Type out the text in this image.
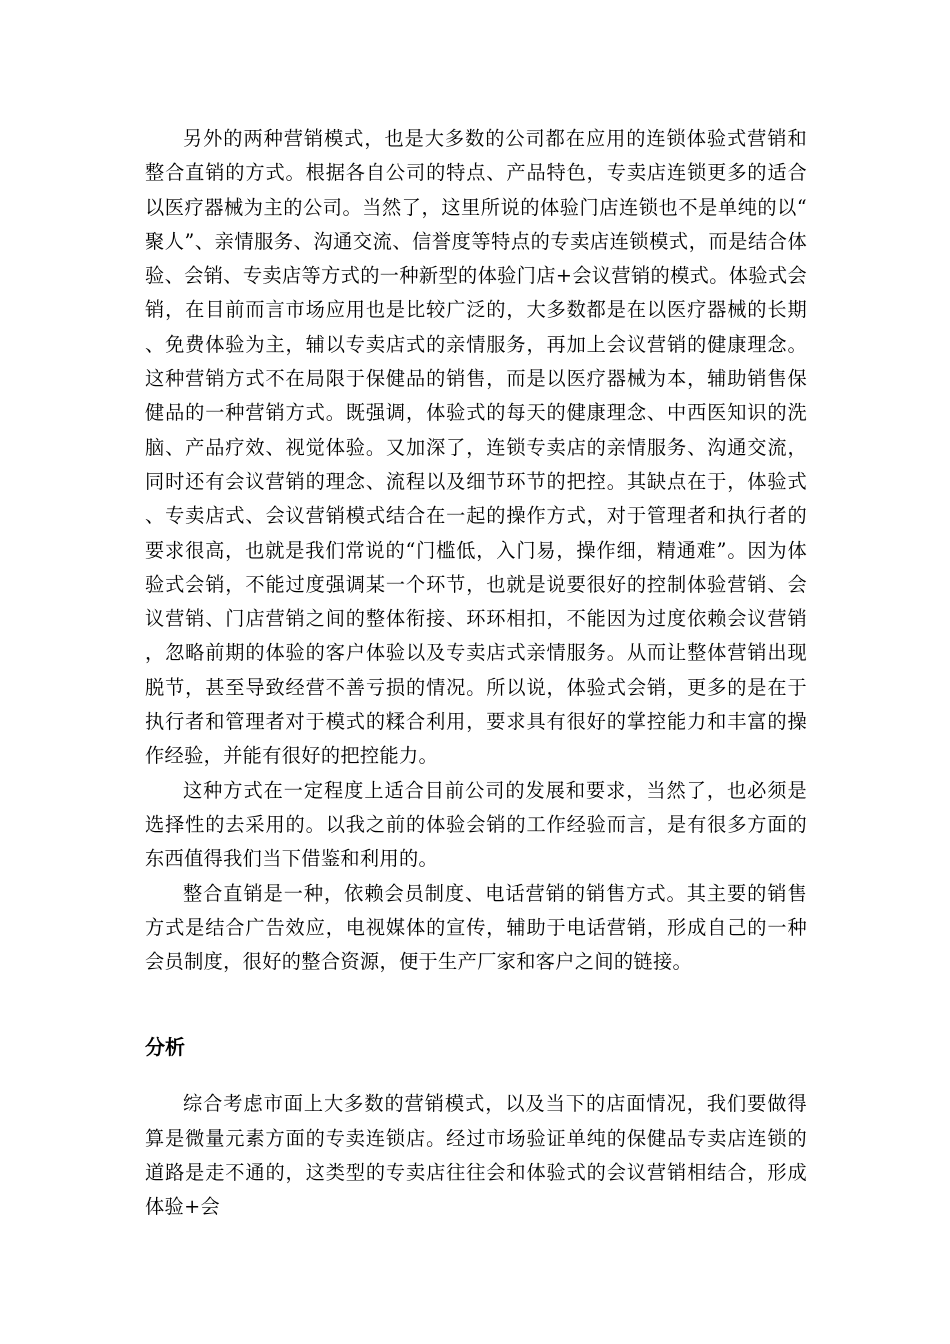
另外的两种营销模式，也是大多数的公司都在应用的连锁体验式营销和整合直销的方式。根据各自公司的特点、产品特色，专卖店连锁更多的适合以医疗器械为主的公司。当然了，这里所说的体验门店连锁也不是单纯的以“聚人”、亲情服务、沟通交流、信誉度等特点的专卖店连锁模式，而是结合体验、会销、专卖店等方式的一种新型的体验门店+会议营销的模式。体验式会销，在目前而言市场应用也是比较广泛的，大多数都是在以医疗器械的长期、免费体验为主，辅以专卖店式的亲情服务，再加上会议营销的健康理念。这种营销方式不在局限于保健品的销售，而是以医疗器械为本，辅助销售保健品的一种营销方式。既强调，体验式的每天的健康理念、中西医知识的洗脑、产品疗效、视觉体验。又加深了，连锁专卖店的亲情服务、沟通交流，同时还有会议营销的理念、流程以及细节环节的把控。其缺点在于，体验式、专卖店式、会议营销模式结合在一起的操作方式，对于管理者和执行者的要求很高，也就是我们常说的“门槛低，入门易，操作细，精通难”。因为体验式会销，不能过度强调某一个环节，也就是说要很好的控制体验营销、会议营销、门店营销之间的整体衔接、环环相扣，不能因为过度依赖会议营销，忽略前期的体验的客户体验以及专卖店式亲情服务。从而让整体营销出现脱节，甚至导致经营不善亏损的情况。所以说，体验式会销，更多的是在于执行者和管理者对于模式的糅合利用，要求具有很好的掌控能力和丰富的操作经验，并能有很好的把控能力。

这种方式在一定程度上适合目前公司的发展和要求，当然了，也必须是选择性的去采用的。以我之前的体验会销的工作经验而言，是有很多方面的东西值得我们当下借鉴和利用的。

整合直销是一种，依赖会员制度、电话营销的销售方式。其主要的销售方式是结合广告效应，电视媒体的宣传，辅助于电话营销，形成自己的一种会员制度，很好的整合资源，便于生产厂家和客户之间的链接。

分析

综合考虑市面上大多数的营销模式，以及当下的店面情况，我们要做得算是微量元素方面的专卖连锁店。经过市场验证单纯的保健品专卖店连锁的道路是走不通的，这类型的专卖店往往会和体验式的会议营销相结合，形成体验+会
